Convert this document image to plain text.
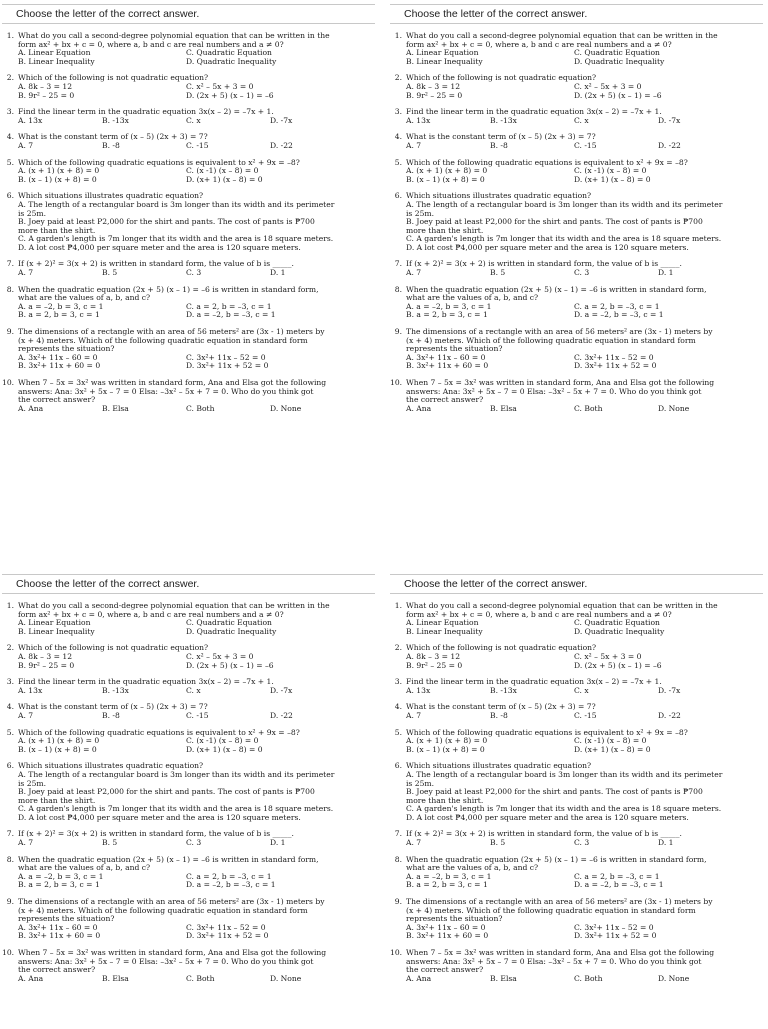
Choose the letter of the correct answer.
1. What do you call a second-degree polynomial equation that can be written in the
form ax² + bx + c = 0, where a, b and c are real numbers and a ≠ 0?
A. Linear Equation	C. Quadratic Equation
B. Linear Inequality	D. Quadratic Inequality
2. Which of the following is not quadratic equation?
A. 8k – 3 = 12	C. x² – 5x + 3 = 0
B. 9r² – 25 = 0	D. (2x + 5) (x – 1) = –6
3. Find the linear term in the quadratic equation 3x(x – 2) = –7x + 1.
A. 13x	B. -13x	C. x	D. -7x
4. What is the constant term of (x – 5) (2x + 3) = 7?
A. 7	B. -8	C. -15	D. -22
5. Which of the following quadratic equations is equivalent to x² + 9x = –8?
A. (x + 1) (x + 8) = 0	C. (x -1) (x – 8) = 0
B. (x – 1) (x + 8) = 0	D. (x+ 1) (x – 8) = 0
6. Which situations illustrates quadratic equation?
A. The length of a rectangular board is 3m longer than its width and its perimeter
is 25m.
B. Joey paid at least P2,000 for the shirt and pants. The cost of pants is ₱700
more than the shirt.
C. A garden's length is 7m longer that its width and the area is 18 square meters.
D. A lot cost ₱4,000 per square meter and the area is 120 square meters.
7. If (x + 2)² = 3(x + 2) is written in standard form, the value of b is _____.
A. 7	B. 5	C. 3	D. 1
8. When the quadratic equation (2x + 5) (x – 1) = –6 is written in standard form,
what are the values of a, b, and c?
A. a = –2, b = 3, c = 1	C. a = 2, b = –3, c = 1
B. a = 2, b = 3, c = 1	D. a = –2, b = –3, c = 1
9. The dimensions of a rectangle with an area of 56 meters² are (3x - 1) meters by
(x + 4) meters. Which of the following quadratic equation in standard form
represents the situation?
A. 3x²+ 11x – 60 = 0	C. 3x²+ 11x – 52 = 0
B. 3x²+ 11x + 60 = 0	D. 3x²+ 11x + 52 = 0
10. When 7 – 5x = 3x² was written in standard form, Ana and Elsa got the following
answers: Ana: 3x² + 5x – 7 = 0 Elsa: –3x² – 5x + 7 = 0. Who do you think got
the correct answer?
A. Ana	B. Elsa	C. Both	D. None
Choose the letter of the correct answer.
1. What do you call a second-degree polynomial equation that can be written in the
form ax² + bx + c = 0, where a, b and c are real numbers and a ≠ 0?
A. Linear Equation	C. Quadratic Equation
B. Linear Inequality	D. Quadratic Inequality
2. Which of the following is not quadratic equation?
A. 8k – 3 = 12	C. x² – 5x + 3 = 0
B. 9r² – 25 = 0	D. (2x + 5) (x – 1) = –6
3. Find the linear term in the quadratic equation 3x(x – 2) = –7x + 1.
A. 13x	B. -13x	C. x	D. -7x
4. What is the constant term of (x – 5) (2x + 3) = 7?
A. 7	B. -8	C. -15	D. -22
5. Which of the following quadratic equations is equivalent to x² + 9x = –8?
A. (x + 1) (x + 8) = 0	C. (x -1) (x – 8) = 0
B. (x – 1) (x + 8) = 0	D. (x+ 1) (x – 8) = 0
6. Which situations illustrates quadratic equation?
A. The length of a rectangular board is 3m longer than its width and its perimeter
is 25m.
B. Joey paid at least P2,000 for the shirt and pants. The cost of pants is ₱700
more than the shirt.
C. A garden's length is 7m longer that its width and the area is 18 square meters.
D. A lot cost ₱4,000 per square meter and the area is 120 square meters.
7. If (x + 2)² = 3(x + 2) is written in standard form, the value of b is _____.
A. 7	B. 5	C. 3	D. 1
8. When the quadratic equation (2x + 5) (x – 1) = –6 is written in standard form,
what are the values of a, b, and c?
A. a = –2, b = 3, c = 1	C. a = 2, b = –3, c = 1
B. a = 2, b = 3, c = 1	D. a = –2, b = –3, c = 1
9. The dimensions of a rectangle with an area of 56 meters² are (3x - 1) meters by
(x + 4) meters. Which of the following quadratic equation in standard form
represents the situation?
A. 3x²+ 11x – 60 = 0	C. 3x²+ 11x – 52 = 0
B. 3x²+ 11x + 60 = 0	D. 3x²+ 11x + 52 = 0
10. When 7 – 5x = 3x² was written in standard form, Ana and Elsa got the following
answers: Ana: 3x² + 5x – 7 = 0 Elsa: –3x² – 5x + 7 = 0. Who do you think got
the correct answer?
A. Ana	B. Elsa	C. Both	D. None
Choose the letter of the correct answer.
1. What do you call a second-degree polynomial equation that can be written in the
form ax² + bx + c = 0, where a, b and c are real numbers and a ≠ 0?
A. Linear Equation	C. Quadratic Equation
B. Linear Inequality	D. Quadratic Inequality
2. Which of the following is not quadratic equation?
A. 8k – 3 = 12	C. x² – 5x + 3 = 0
B. 9r² – 25 = 0	D. (2x + 5) (x – 1) = –6
3. Find the linear term in the quadratic equation 3x(x – 2) = –7x + 1.
A. 13x	B. -13x	C. x	D. -7x
4. What is the constant term of (x – 5) (2x + 3) = 7?
A. 7	B. -8	C. -15	D. -22
5. Which of the following quadratic equations is equivalent to x² + 9x = –8?
A. (x + 1) (x + 8) = 0	C. (x -1) (x – 8) = 0
B. (x – 1) (x + 8) = 0	D. (x+ 1) (x – 8) = 0
6. Which situations illustrates quadratic equation?
A. The length of a rectangular board is 3m longer than its width and its perimeter
is 25m.
B. Joey paid at least P2,000 for the shirt and pants. The cost of pants is ₱700
more than the shirt.
C. A garden's length is 7m longer that its width and the area is 18 square meters.
D. A lot cost ₱4,000 per square meter and the area is 120 square meters.
7. If (x + 2)² = 3(x + 2) is written in standard form, the value of b is _____.
A. 7	B. 5	C. 3	D. 1
8. When the quadratic equation (2x + 5) (x – 1) = –6 is written in standard form,
what are the values of a, b, and c?
A. a = –2, b = 3, c = 1	C. a = 2, b = –3, c = 1
B. a = 2, b = 3, c = 1	D. a = –2, b = –3, c = 1
9. The dimensions of a rectangle with an area of 56 meters² are (3x - 1) meters by
(x + 4) meters. Which of the following quadratic equation in standard form
represents the situation?
A. 3x²+ 11x – 60 = 0	C. 3x²+ 11x – 52 = 0
B. 3x²+ 11x + 60 = 0	D. 3x²+ 11x + 52 = 0
10. When 7 – 5x = 3x² was written in standard form, Ana and Elsa got the following
answers: Ana: 3x² + 5x – 7 = 0 Elsa: –3x² – 5x + 7 = 0. Who do you think got
the correct answer?
A. Ana	B. Elsa	C. Both	D. None
Choose the letter of the correct answer.
1. What do you call a second-degree polynomial equation that can be written in the
form ax² + bx + c = 0, where a, b and c are real numbers and a ≠ 0?
A. Linear Equation	C. Quadratic Equation
B. Linear Inequality	D. Quadratic Inequality
2. Which of the following is not quadratic equation?
A. 8k – 3 = 12	C. x² – 5x + 3 = 0
B. 9r² – 25 = 0	D. (2x + 5) (x – 1) = –6
3. Find the linear term in the quadratic equation 3x(x – 2) = –7x + 1.
A. 13x	B. -13x	C. x	D. -7x
4. What is the constant term of (x – 5) (2x + 3) = 7?
A. 7	B. -8	C. -15	D. -22
5. Which of the following quadratic equations is equivalent to x² + 9x = –8?
A. (x + 1) (x + 8) = 0	C. (x -1) (x – 8) = 0
B. (x – 1) (x + 8) = 0	D. (x+ 1) (x – 8) = 0
6. Which situations illustrates quadratic equation?
A. The length of a rectangular board is 3m longer than its width and its perimeter
is 25m.
B. Joey paid at least P2,000 for the shirt and pants. The cost of pants is ₱700
more than the shirt.
C. A garden's length is 7m longer that its width and the area is 18 square meters.
D. A lot cost ₱4,000 per square meter and the area is 120 square meters.
7. If (x + 2)² = 3(x + 2) is written in standard form, the value of b is _____.
A. 7	B. 5	C. 3	D. 1
8. When the quadratic equation (2x + 5) (x – 1) = –6 is written in standard form,
what are the values of a, b, and c?
A. a = –2, b = 3, c = 1	C. a = 2, b = –3, c = 1
B. a = 2, b = 3, c = 1	D. a = –2, b = –3, c = 1
9. The dimensions of a rectangle with an area of 56 meters² are (3x - 1) meters by
(x + 4) meters. Which of the following quadratic equation in standard form
represents the situation?
A. 3x²+ 11x – 60 = 0	C. 3x²+ 11x – 52 = 0
B. 3x²+ 11x + 60 = 0	D. 3x²+ 11x + 52 = 0
10. When 7 – 5x = 3x² was written in standard form, Ana and Elsa got the following
answers: Ana: 3x² + 5x – 7 = 0 Elsa: –3x² – 5x + 7 = 0. Who do you think got
the correct answer?
A. Ana	B. Elsa	C. Both	D. None
